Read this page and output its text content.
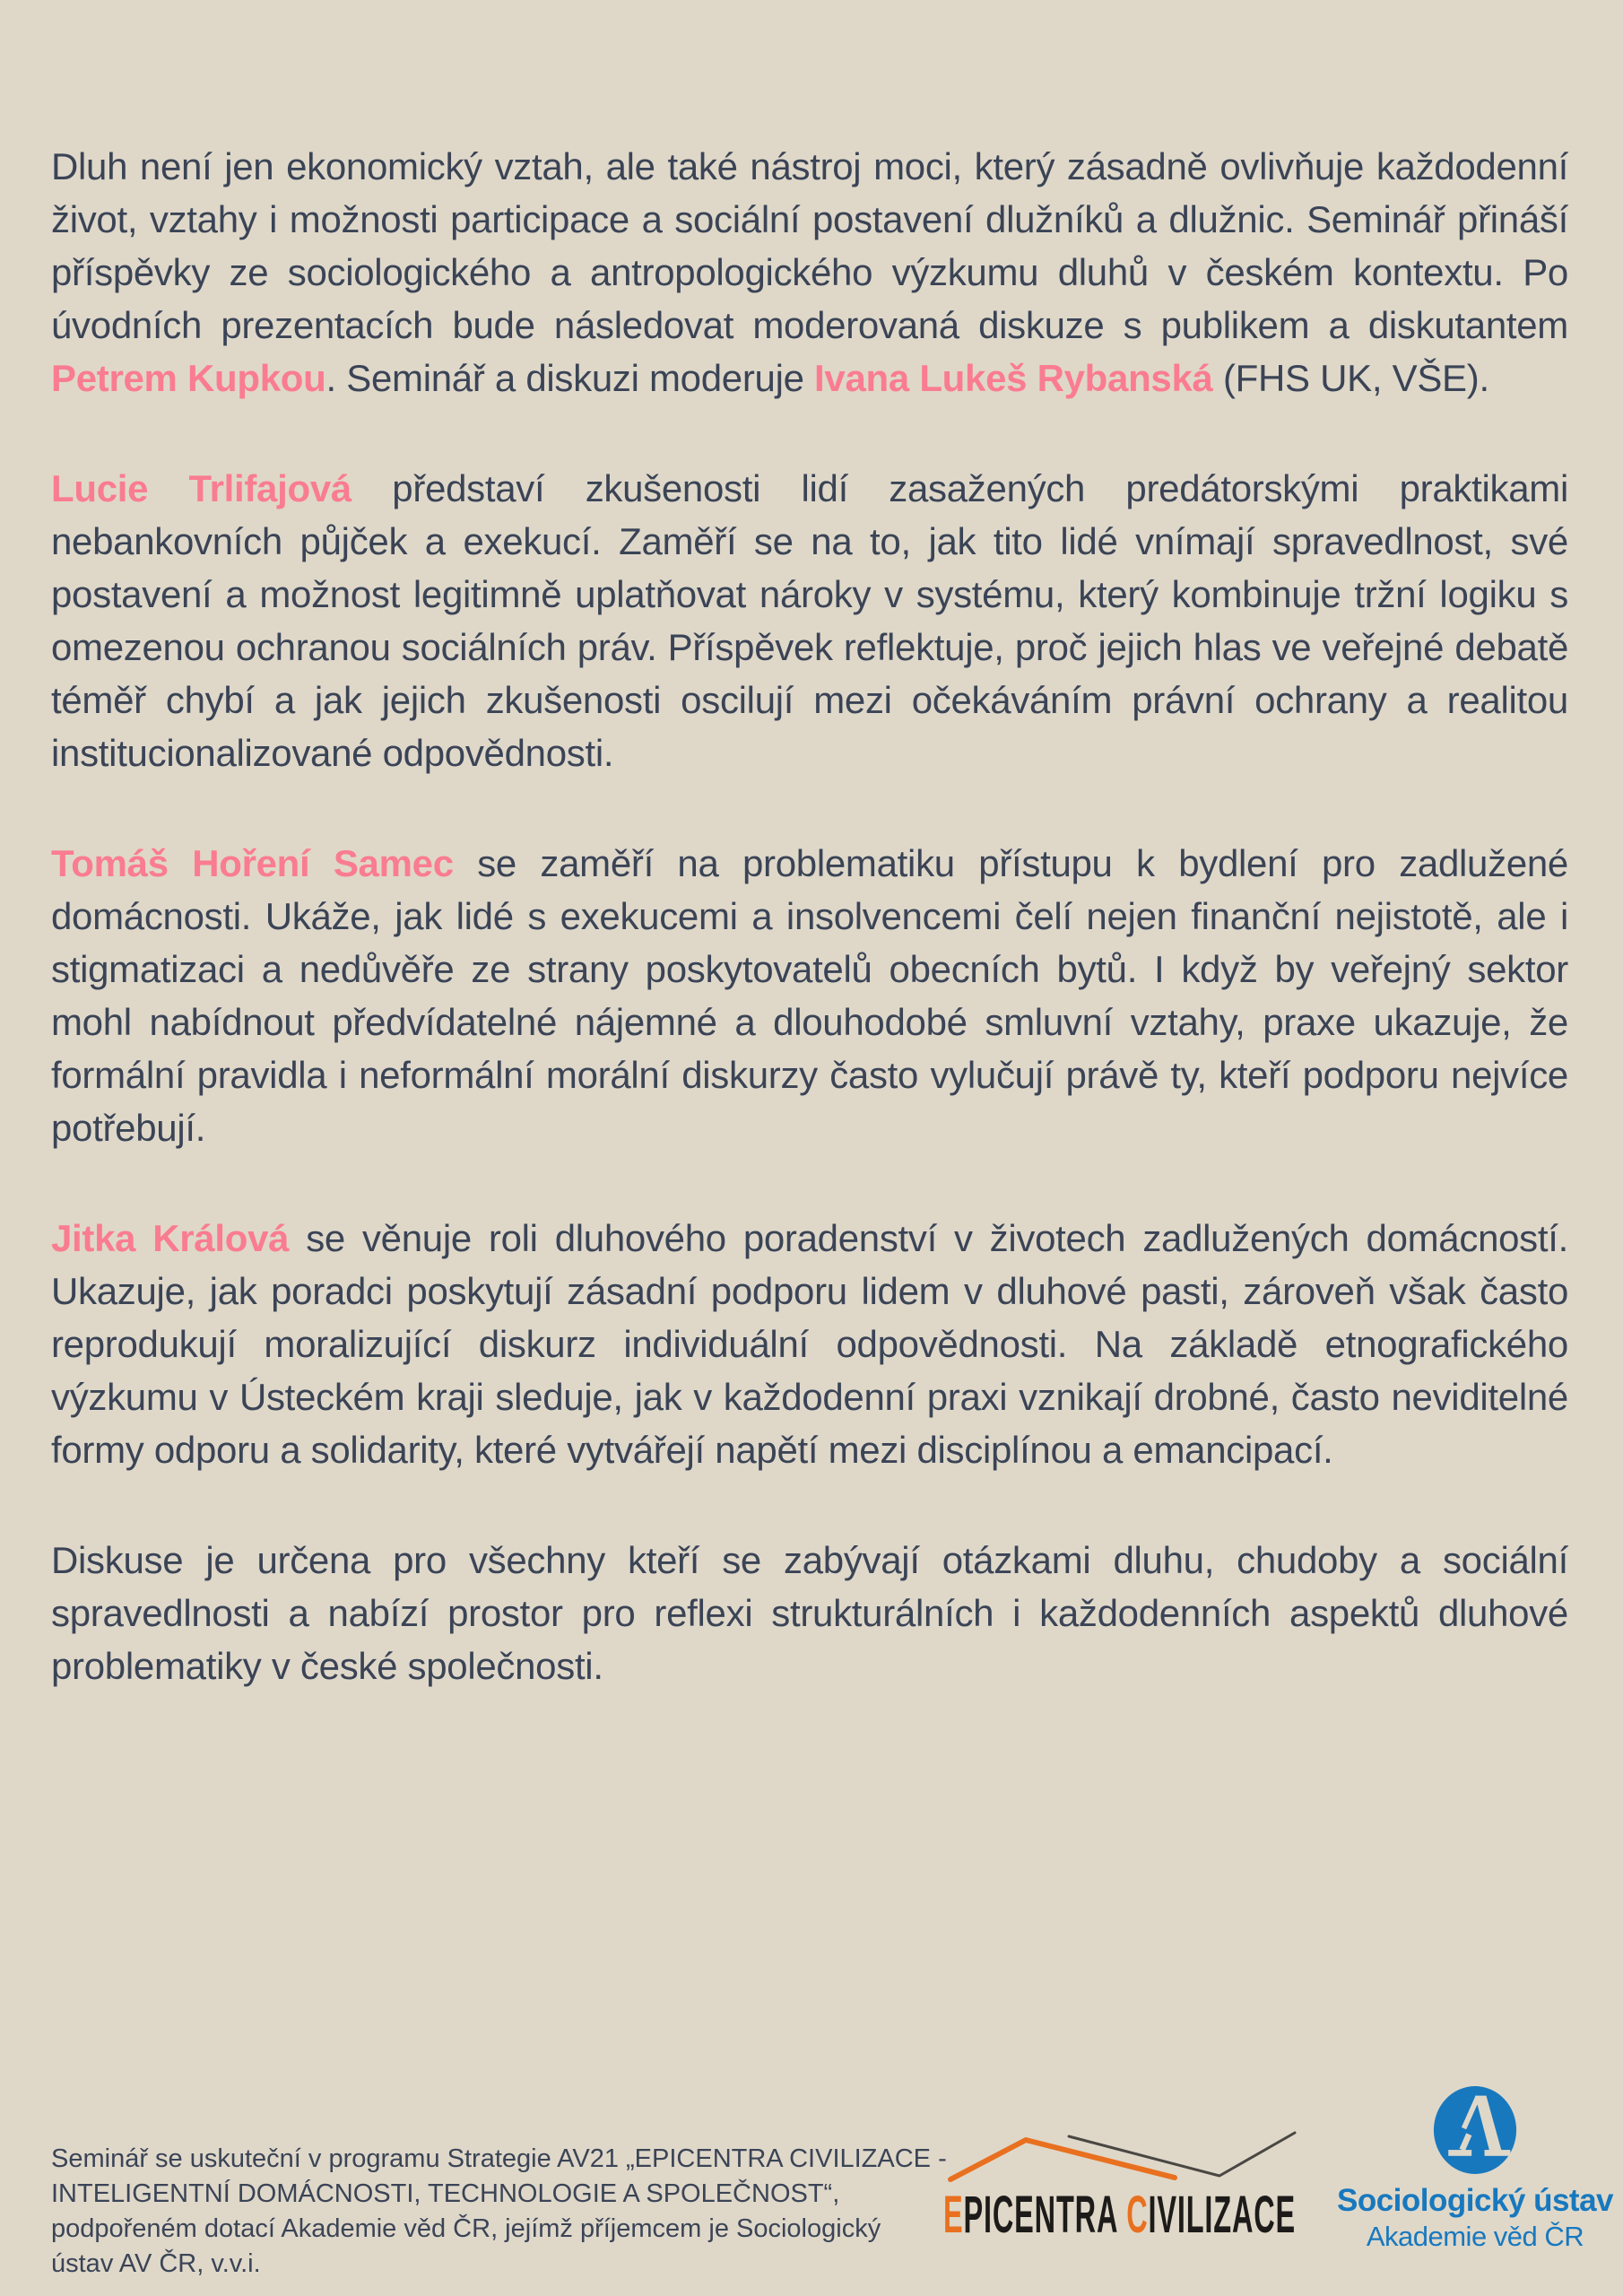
Dluh není jen ekonomický vztah, ale také nástroj moci, který zásadně ovlivňuje každodenní život, vztahy i možnosti participace a sociální postavení dlužníků a dlužnic. Seminář přináší příspěvky ze sociologického a antropologického výzkumu dluhů v českém kontextu. Po úvodních prezentacích bude následovat moderovaná diskuze s publikem a diskutantem Petrem Kupkou. Seminář a diskuzi moderuje Ivana Lukeš Rybanská (FHS UK, VŠE).

Lucie Trlifajová představí zkušenosti lidí zasažených predátorskými praktikami nebankovních půjček a exekucí. Zaměří se na to, jak tito lidé vnímají spravedlnost, své postavení a možnost legitimně uplatňovat nároky v systému, který kombinuje tržní logiku s omezenou ochranou sociálních práv. Příspěvek reflektuje, proč jejich hlas ve veřejné debatě téměř chybí a jak jejich zkušenosti oscilují mezi očekáváním právní ochrany a realitou institucionalizované odpovědnosti.

Tomáš Hoření Samec se zaměří na problematiku přístupu k bydlení pro zadlužené domácnosti. Ukáže, jak lidé s exekucemi a insolvencemi čelí nejen finanční nejistotě, ale i stigmatizaci a nedůvěře ze strany poskytovatelů obecních bytů. I když by veřejný sektor mohl nabídnout předvídatelné nájemné a dlouhodobé smluvní vztahy, praxe ukazuje, že formální pravidla i neformální morální diskurzy často vylučují právě ty, kteří podporu nejvíce potřebují.

Jitka Králová se věnuje roli dluhového poradenství v životech zadlužených domácností. Ukazuje, jak poradci poskytují zásadní podporu lidem v dluhové pasti, zároveň však často reprodukují moralizující diskurz individuální odpovědnosti. Na základě etnografického výzkumu v Ústeckém kraji sleduje, jak v každodenní praxi vznikají drobné, často neviditelné formy odporu a solidarity, které vytvářejí napětí mezi disciplínou a emancipací.

Diskuse je určena pro všechny kteří se zabývají otázkami dluhu, chudoby a sociální spravedlnosti a nabízí prostor pro reflexi strukturálních i každodenních aspektů dluhové problematiky v české společnosti.

Seminář se uskuteční v programu Strategie AV21 „EPICENTRA CIVILIZACE - INTELIGENTNÍ DOMÁCNOSTI, TECHNOLOGIE A SPOLEČNOST“, podpořeném dotací Akademie věd ČR, jejímž příjemcem je Sociologický ústav AV ČR, v.v.i.
EPICENTRA CIVILIZACE Sociologický ústav
Akademie věd ČR
